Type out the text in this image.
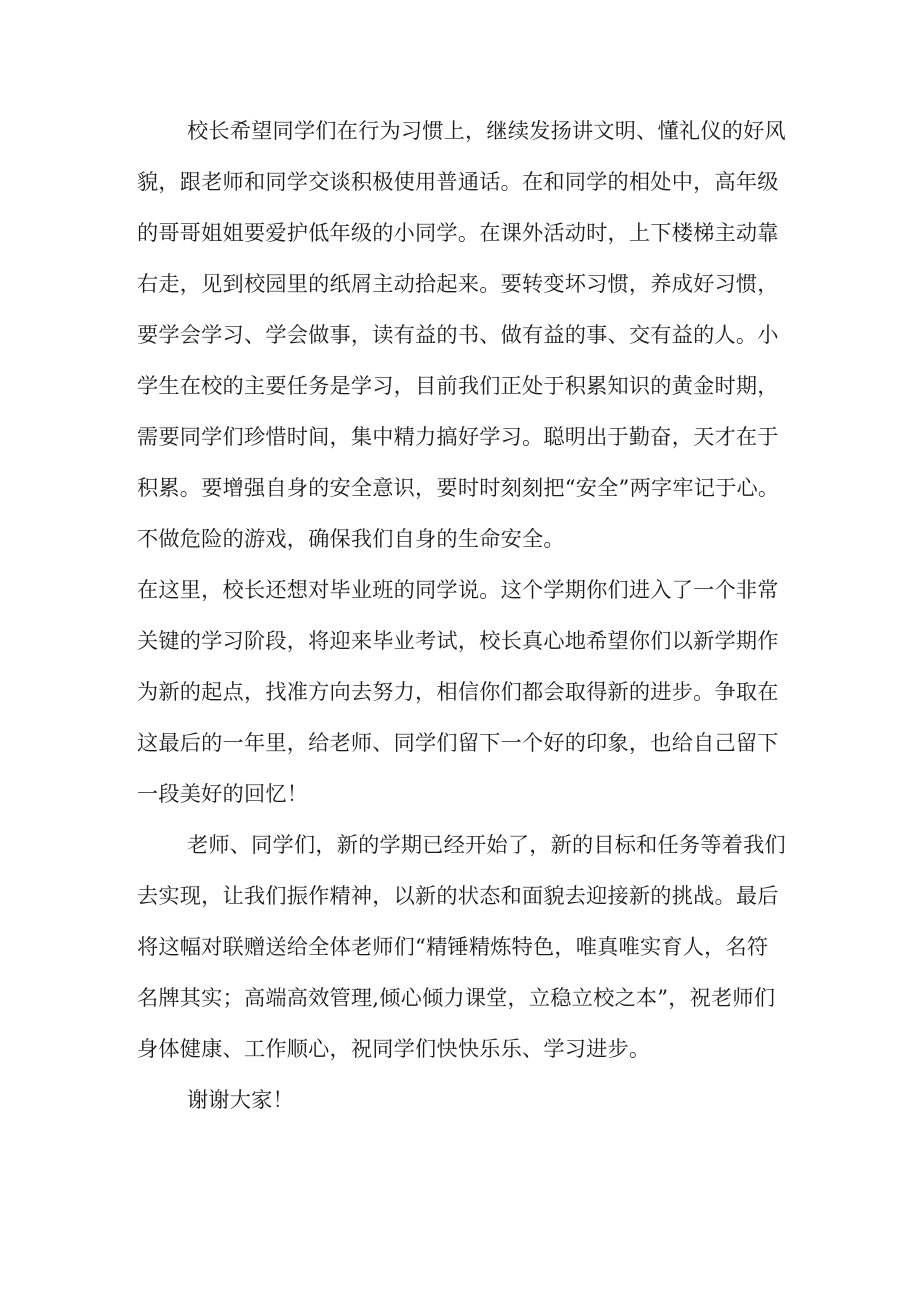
校长希望同学们在行为习惯上，继续发扬讲文明、懂礼仪的好风
貌，跟老师和同学交谈积极使用普通话。在和同学的相处中，高年级
的哥哥姐姐要爱护低年级的小同学。在课外活动时，上下楼梯主动靠
右走，见到校园里的纸屑主动拾起来。要转变坏习惯，养成好习惯，
要学会学习、学会做事，读有益的书、做有益的事、交有益的人。小
学生在校的主要任务是学习，目前我们正处于积累知识的黄金时期，
需要同学们珍惜时间，集中精力搞好学习。聪明出于勤奋，天才在于
积累。要增强自身的安全意识，要时时刻刻把“安全”两字牢记于心。
不做危险的游戏，确保我们自身的生命安全。
在这里，校长还想对毕业班的同学说。这个学期你们进入了一个非常
关键的学习阶段，将迎来毕业考试，校长真心地希望你们以新学期作
为新的起点，找准方向去努力，相信你们都会取得新的进步。争取在
这最后的一年里，给老师、同学们留下一个好的印象，也给自己留下
一段美好的回忆！
老师、同学们，新的学期已经开始了，新的目标和任务等着我们
去实现，让我们振作精神，以新的状态和面貌去迎接新的挑战。最后
将这幅对联赠送给全体老师们“精锤精炼特色，唯真唯实育人，名符
名牌其实；高端高效管理,倾心倾力课堂，立稳立校之本”，祝老师们
身体健康、工作顺心，祝同学们快快乐乐、学习进步。
谢谢大家！
